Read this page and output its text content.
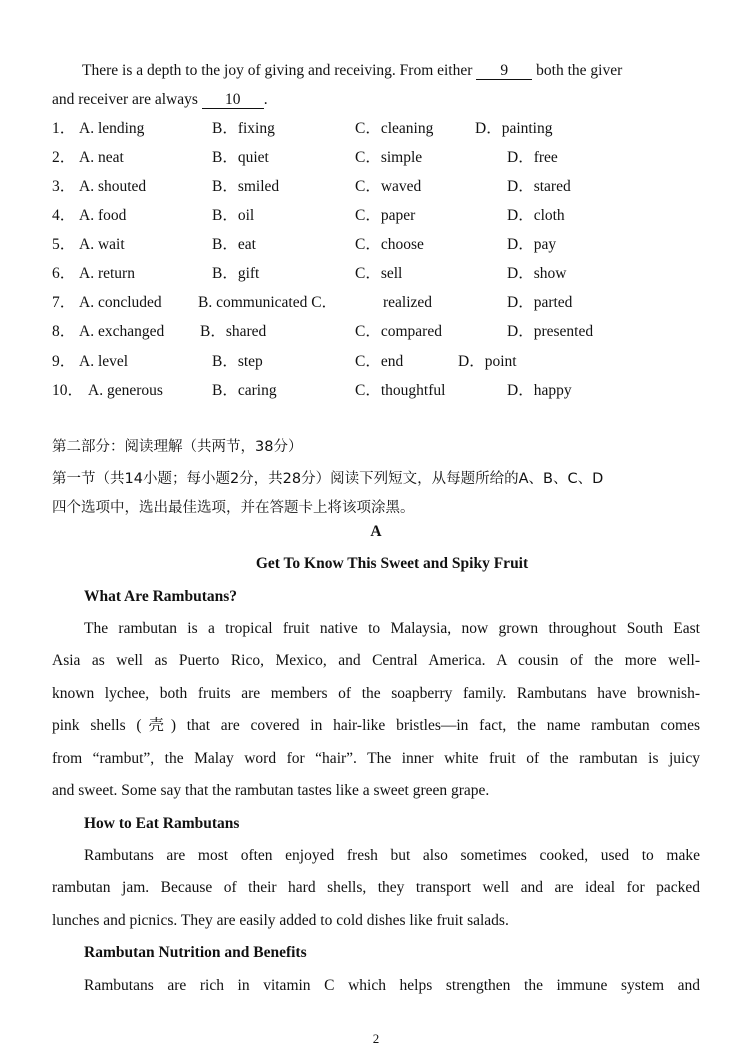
There is a depth to the joy of giving and receiving. From either 9 both the giver
and receiver are always 10 .
1． A. lending	B．fixing	C．cleaning	D．painting
2． A. neat	B．quiet	C．simple	D．free
3． A. shouted	B．smiled	C．waved	D．stared
4． A. food	B．oil	C．paper	D．cloth
5． A. wait	B．eat	C．choose	D．pay
6． A. return	B．gift	C．sell	D．show
7． A. concluded B. communicated C．	realized	D．parted
8． A. exchanged B．shared	C．compared	D．presented
9． A. level	B．step	C．end	D．point
10． A. generous	B．caring	C．thoughtful	D．happy
第二部分：阅读理解（共两节，38分）
第一节（共14小题；每小题2分，共28分）阅读下列短文，从每题所给的A、B、C、D
四个选项中，选出最佳选项，并在答题卡上将该项涂黑。
A
Get To Know This Sweet and Spiky Fruit
What Are Rambutans?
The rambutan is a tropical fruit native to Malaysia, now grown throughout South East
Asia as well as Puerto Rico, Mexico, and Central America. A cousin of the more well-
known lychee, both fruits are members of the soapberry family. Rambutans have brownish-
pink shells (壳) that are covered in hair-like bristles—in fact, the name rambutan comes
from “rambut”, the Malay word for “hair”. The inner white fruit of the rambutan is juicy
and sweet. Some say that the rambutan tastes like a sweet green grape.
How to Eat Rambutans
Rambutans are most often enjoyed fresh but also sometimes cooked, used to make
rambutan jam. Because of their hard shells, they transport well and are ideal for packed
lunches and picnics. They are easily added to cold dishes like fruit salads.
Rambutan Nutrition and Benefits
Rambutans are rich in vitamin C which helps strengthen the immune system and
2
